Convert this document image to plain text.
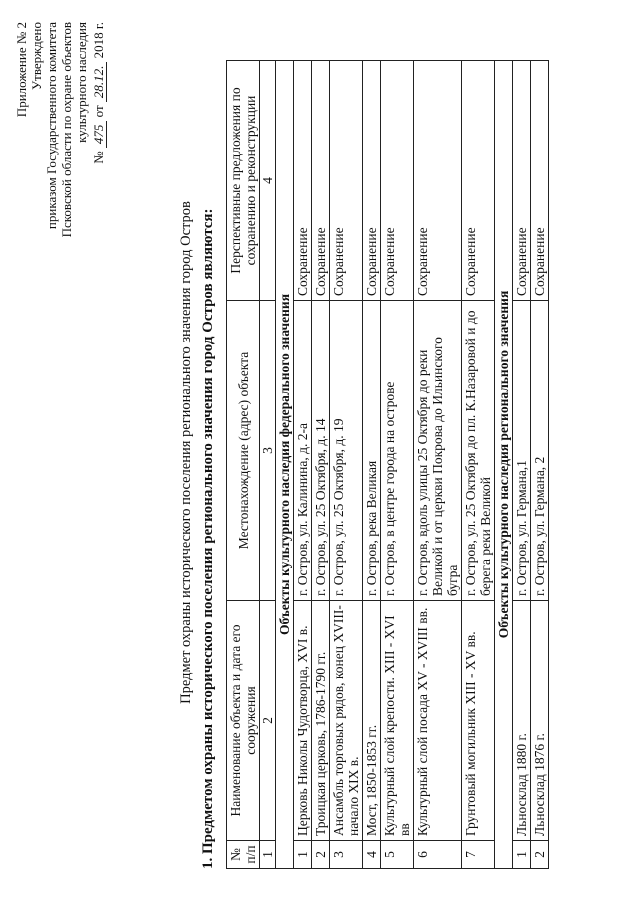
Приложение № 2 Утверждено приказом Государственного комитета Псковской области по охране объектов культурного наследия
№ 475 от 28.12. 2018 г.
Предмет охраны исторического поселения регионального значения город Остров 1. Предметом охраны исторического поселения регионального значения город Остров являются: № п/п	Наименование объекта и дата его сооружения	Местонахождение (адрес) объекта	Перспективные предложения по сохранению и реконструкции
1	2	3	4
Объекты культурного наследия федерального значения			
1	Церковь Николы Чудотворца, XVI в.	г. Остров, ул. Калинина, д. 2-а	Сохранение
2	Троицкая церковь, 1786-1790 гг.	г. Остров, ул. 25 Октября, д. 14	Сохранение
3	Ансамбль торговых рядов, конец XVIII- начало XIX в.	г. Остров, ул. 25 Октября, д. 19	Сохранение
4	Мост, 1850-1853 гг.	г. Остров, река Великая	Сохранение
5	Культурный слой крепости. XIII - XVI вв	г. Остров, в центре города на острове	Сохранение
6	Культурный слой посада XV - XVIII вв.	г. Остров, вдоль улицы 25 Октября до реки Великой и от церкви Покрова до Ильинского бугра	Сохранение
7	Грунтовый могильник XIII - XV вв.	г. Остров, ул. 25 Октября до пл. К.Назаровой и до берега реки Великой	Сохранение
Объекты культурного наследия регионального значения			
1	Льносклад 1880 г.	г. Остров, ул. Германа,1	Сохранение
2	Льносклад 1876 г.	г. Остров, ул. Германа, 2	Сохранение
